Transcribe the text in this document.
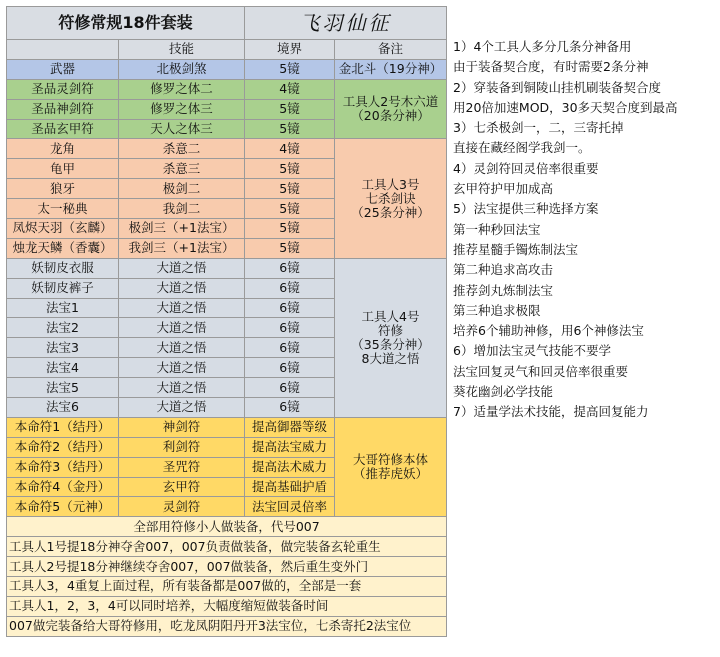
符修常规18件套装		飞羽仙征	
	技能	境界	备注
武器	北极剑煞	5镜	金北斗（19分神）
圣品灵剑符	修罗之体二	4镜	工具人2号木六道
（20条分神）
圣品神剑符	修罗之体三	5镜	
圣品玄甲符	天人之体三	5镜	
龙角	杀意二	4镜	工具人3号
七杀剑诀
（25条分神）
龟甲	杀意三	5镜	
狼牙	极剑二	5镜	
太一秘典	我剑二	5镜	
凤烬天羽（玄麟）	极剑三（+1法宝）	5镜	
烛龙天鳞（香囊）	我剑三（+1法宝）	5镜	
妖韧皮衣服	大道之悟	6镜	工具人4号
符修
（35条分神）
8大道之悟
妖韧皮裤子	大道之悟	6镜	
法宝1	大道之悟	6镜	
法宝2	大道之悟	6镜	
法宝3	大道之悟	6镜	
法宝4	大道之悟	6镜	
法宝5	大道之悟	6镜	
法宝6	大道之悟	6镜	
本命符1（结丹）	神剑符	提高御器等级	大哥符修本体
（推荐虎妖）
本命符2（结丹）	利剑符	提高法宝威力	
本命符3（结丹）	圣咒符	提高法术威力	
本命符4（金丹）	玄甲符	提高基础护盾	
本命符5（元神）	灵剑符	法宝回灵倍率	
全部用符修小人做装备，代号007			
工具人1号提18分神夺舍007，007负责做装备，做完装备玄轮重生			
工具人2号提18分神继续夺舍007，007做装备，然后重生变外门			
工具人3，4重复上面过程，所有装备都是007做的，全部是一套			
工具人1，2，3，4可以同时培养，大幅度缩短做装备时间			
007做完装备给大哥符修用，吃龙凤阴阳丹开3法宝位，七杀寄托2法宝位			
1）4个工具人多分几条分神备用
由于装备契合度，有时需要2条分神
2）穿装备到铜陵山挂机刷装备契合度
用20倍加速MOD，30多天契合度到最高
3）七杀极剑一，二，三寄托掉
直接在藏经阁学我剑一。
4）灵剑符回灵倍率很重要
玄甲符护甲加成高
5）法宝提供三种选择方案
第一种秒回法宝
推荐星髓手镯炼制法宝
第二种追求高攻击
推荐剑丸炼制法宝
第三种追求极限
培养6个辅助神修，用6个神修法宝
6）增加法宝灵气技能不要学
法宝回复灵气和回灵倍率很重要
葵花幽剑必学技能
7）适量学法术技能，提高回复能力
